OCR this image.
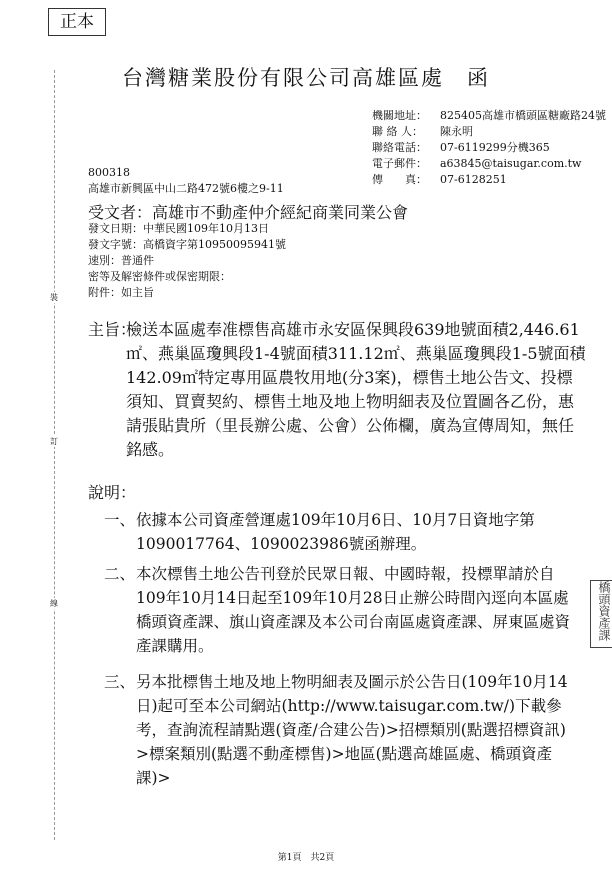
正本
台灣糖業股份有限公司高雄區處　函
機關地址：	825405高雄市橋頭區糖廠路24號
聯 絡 人：	陳永明
聯絡電話：	07-6119299分機365
電子郵件：	a63845@taisugar.com.tw
傳　　真：	07-6128251
800318
高雄市新興區中山二路472號6樓之9-11
受文者：高雄市不動產仲介經紀商業同業公會
發文日期：中華民國109年10月13日
發文字號：高橋資字第10950095941號
速別：普通件
密等及解密條件或保密期限：
附件：如主旨
主旨：
檢送本區處奉准標售高雄市永安區保興段639地號面積2,446.61㎡、燕巢區瓊興段1-4號面積311.12㎡、燕巢區瓊興段1-5號面積142.09㎡特定專用區農牧用地(分3案)，標售土地公告文、投標須知、買賣契約、標售土地及地上物明細表及位置圖各乙份，惠請張貼貴所（里長辦公處、公會）公佈欄，廣為宣傳周知，無任銘感。
說明：
一、 依據本公司資產營運處109年10月6日、10月7日資地字第1090017764、1090023986號函辦理。
二、 本次標售土地公告刊登於民眾日報、中國時報，投標單請於自109年10月14日起至109年10月28日止辦公時間內逕向本區處橋頭資產課、旗山資產課及本公司台南區處資產課、屏東區處資產課購用。
三、 另本批標售土地及地上物明細表及圖示於公告日(109年10月14日)起可至本公司網站(http://www.taisugar.com.tw/)下載參考，查詢流程請點選(資產/合建公告)>招標類別(點選招標資訊)>標案類別(點選不動產標售)>地區(點選高雄區處、橋頭資產課)>
裝
訂
線	橋頭資產課
第1頁　共2頁
